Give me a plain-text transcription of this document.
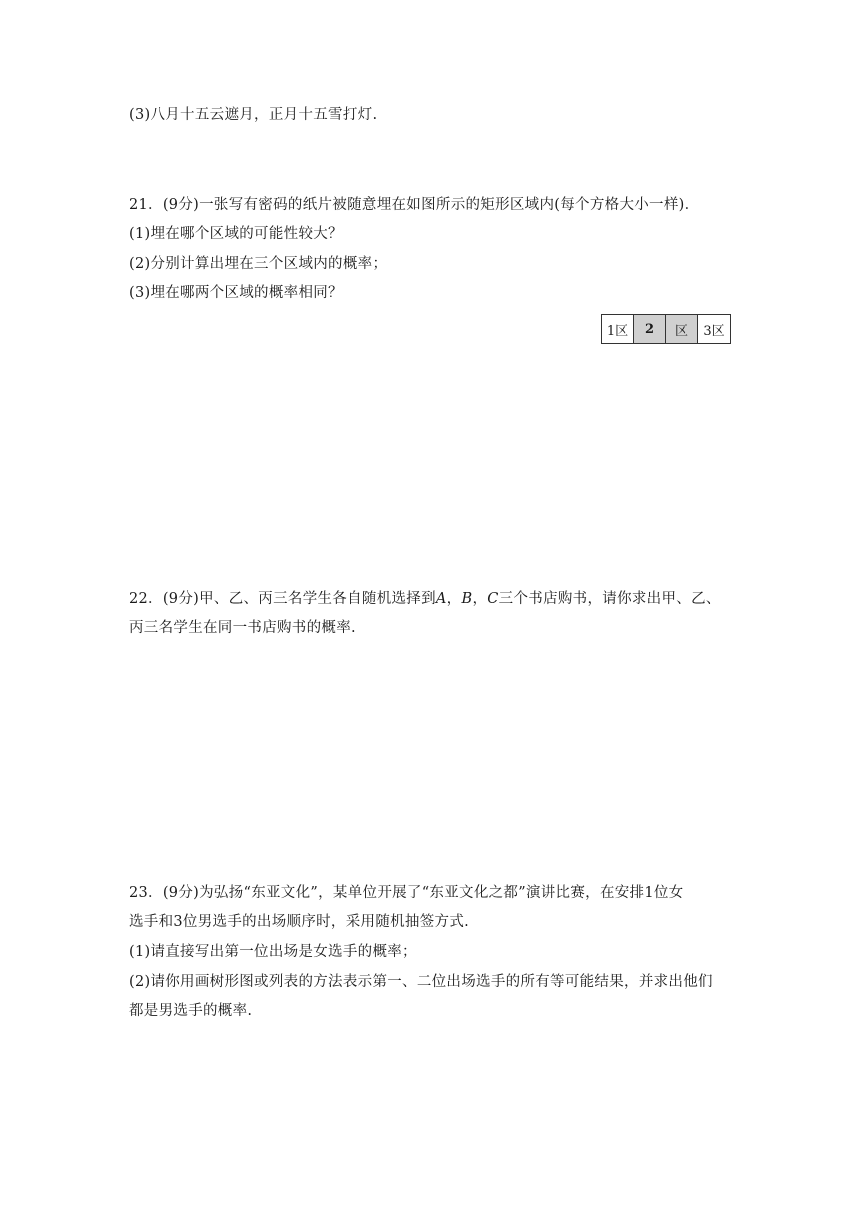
(3)八月十五云遮月，正月十五雪打灯.
21．(9分)一张写有密码的纸片被随意埋在如图所示的矩形区域内(每个方格大小一样)．
(1)埋在哪个区域的可能性较大？
(2)分别计算出埋在三个区域内的概率；
(3)埋在哪两个区域的概率相同？
1区	2	区	3区
22．(9分)甲、乙、丙三名学生各自随机选择到A，B，C三个书店购书，请你求出甲、乙、
丙三名学生在同一书店购书的概率.
23．(9分)为弘扬“东亚文化”，某单位开展了“东亚文化之都”演讲比赛，在安排1位女
选手和3位男选手的出场顺序时，采用随机抽签方式.
(1)请直接写出第一位出场是女选手的概率；
(2)请你用画树形图或列表的方法表示第一、二位出场选手的所有等可能结果，并求出他们
都是男选手的概率.
